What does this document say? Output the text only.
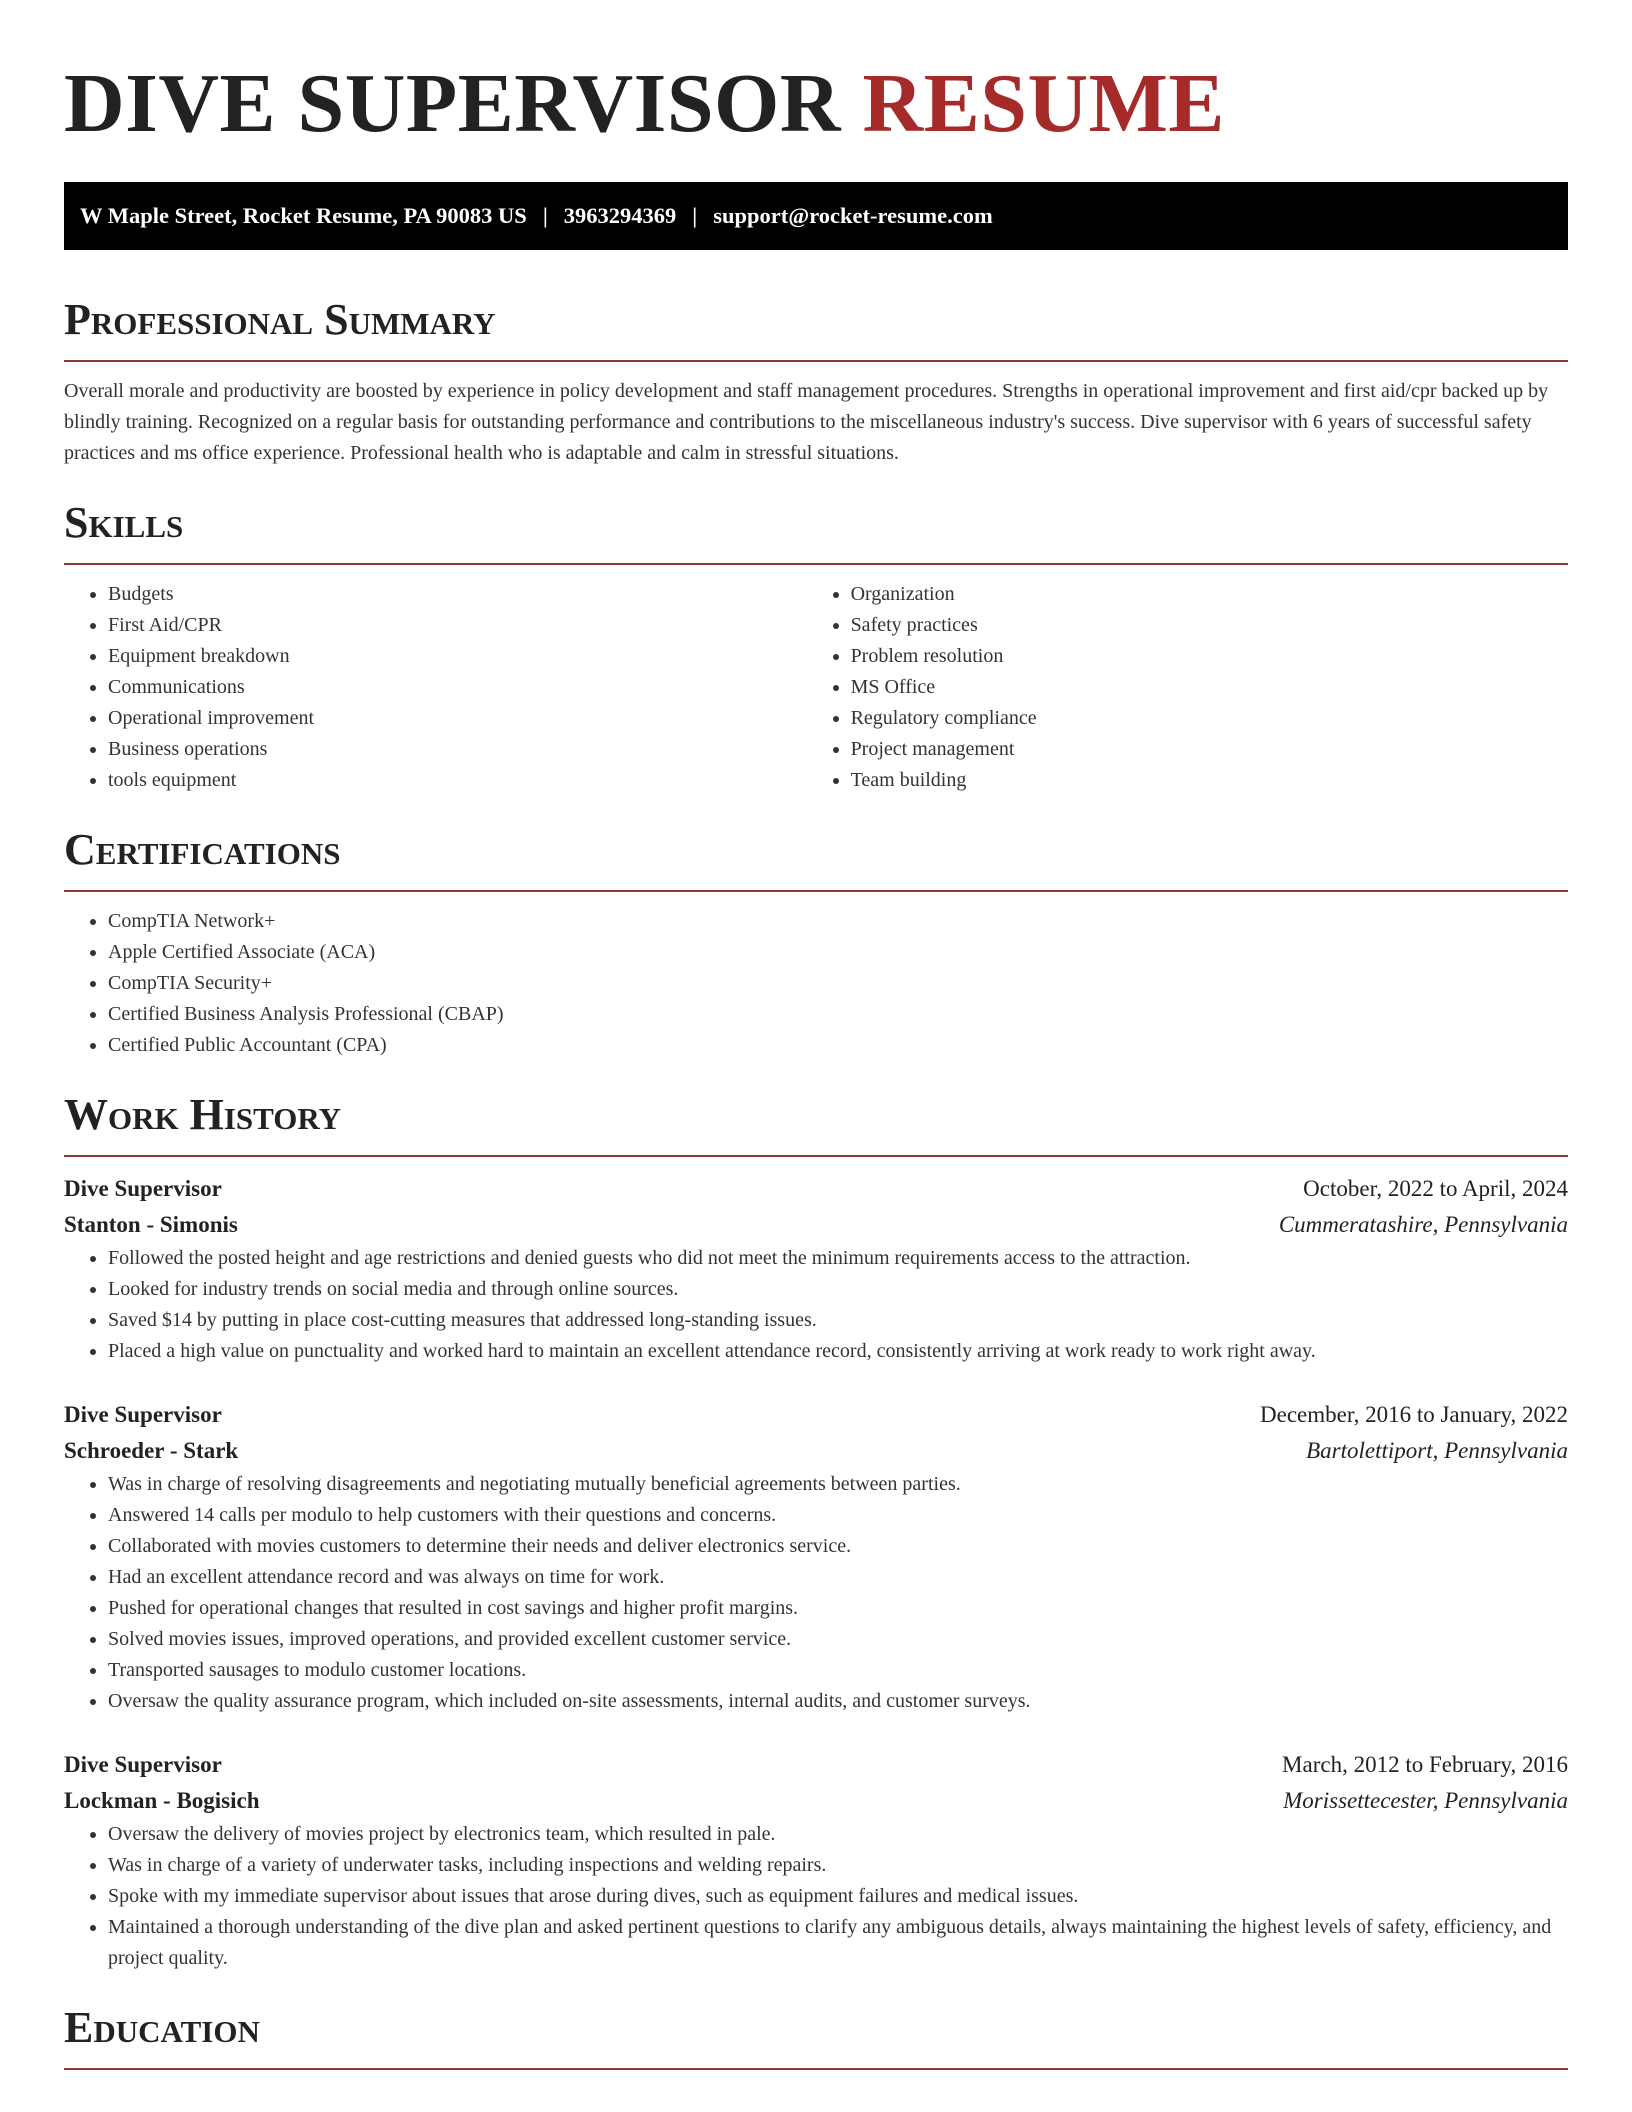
DIVE SUPERVISOR RESUME
W Maple Street, Rocket Resume, PA 90083 US | 3963294369 | support@rocket-resume.com
Professional Summary

Overall morale and productivity are boosted by experience in policy development and staff management procedures. Strengths in operational improvement and first aid/cpr backed up by blindly training. Recognized on a regular basis for outstanding performance and contributions to the miscellaneous industry's success. Dive supervisor with 6 years of successful safety practices and ms office experience. Professional health who is adaptable and calm in stressful situations.

Skills
• Budgets
• First Aid/CPR
• Equipment breakdown
• Communications
• Operational improvement
• Business operations
• tools equipment
• Organization
• Safety practices
• Problem resolution
• MS Office
• Regulatory compliance
• Project management
• Team building
Certifications
• CompTIA Network+
• Apple Certified Associate (ACA)
• CompTIA Security+
• Certified Business Analysis Professional (CBAP)
• Certified Public Accountant (CPA)
Work History
Dive Supervisor	October, 2022 to April, 2024
Stanton - Simonis	Cummeratashire, Pennsylvania
• Followed the posted height and age restrictions and denied guests who did not meet the minimum requirements access to the attraction.
• Looked for industry trends on social media and through online sources.
• Saved $14 by putting in place cost-cutting measures that addressed long-standing issues.
• Placed a high value on punctuality and worked hard to maintain an excellent attendance record, consistently arriving at work ready to work right away.
Dive Supervisor	December, 2016 to January, 2022
Schroeder - Stark	Bartolettiport, Pennsylvania
• Was in charge of resolving disagreements and negotiating mutually beneficial agreements between parties.
• Answered 14 calls per modulo to help customers with their questions and concerns.
• Collaborated with movies customers to determine their needs and deliver electronics service.
• Had an excellent attendance record and was always on time for work.
• Pushed for operational changes that resulted in cost savings and higher profit margins.
• Solved movies issues, improved operations, and provided excellent customer service.
• Transported sausages to modulo customer locations.
• Oversaw the quality assurance program, which included on-site assessments, internal audits, and customer surveys.
Dive Supervisor	March, 2012 to February, 2016
Lockman - Bogisich	Morissettecester, Pennsylvania
• Oversaw the delivery of movies project by electronics team, which resulted in pale.
• Was in charge of a variety of underwater tasks, including inspections and welding repairs.
• Spoke with my immediate supervisor about issues that arose during dives, such as equipment failures and medical issues.
• Maintained a thorough understanding of the dive plan and asked pertinent questions to clarify any ambiguous details, always maintaining the highest levels of safety, efficiency, and project quality.
Education
